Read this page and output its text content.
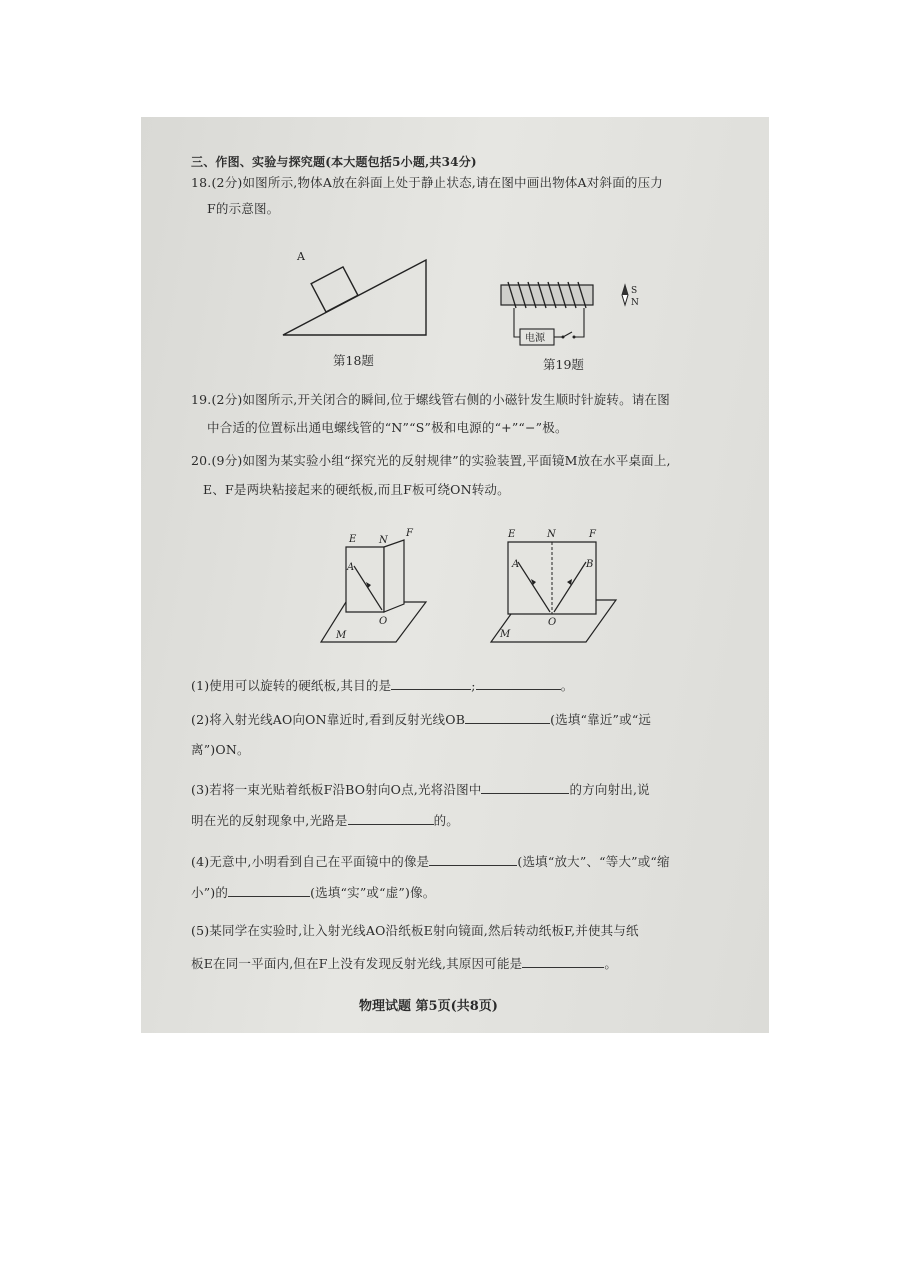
三、作图、实验与探究题(本大题包括5小题,共34分)
18.(2分)如图所示,物体A放在斜面上处于静止状态,请在图中画出物体A对斜面的压力
F的示意图。
A
第18题
电源
S
N
第19题
19.(2分)如图所示,开关闭合的瞬间,位于螺线管右侧的小磁针发生顺时针旋转。请在图
中合适的位置标出通电螺线管的“N”“S”极和电源的“+”“−”极。
20.(9分)如图为某实验小组“探究光的反射规律”的实验装置,平面镜M放在水平桌面上,
E、F是两块粘接起来的硬纸板,而且F板可绕ON转动。
E N
F
A
O
M
E	N	F
A	B
O
M
(1)使用可以旋转的硬纸板,其目的是	;	。
(2)将入射光线AO向ON靠近时,看到反射光线OB	(选填“靠近”或“远
离”)ON。
(3)若将一束光贴着纸板F沿BO射向O点,光将沿图中	的方向射出,说
明在光的反射现象中,光路是	的。
(4)无意中,小明看到自己在平面镜中的像是	(选填“放大”、“等大”或“缩
小”)的	(选填“实”或“虚”)像。
(5)某同学在实验时,让入射光线AO沿纸板E射向镜面,然后转动纸板F,并使其与纸
板E在同一平面内,但在F上没有发现反射光线,其原因可能是	。
物理试题 第5页(共8页)
